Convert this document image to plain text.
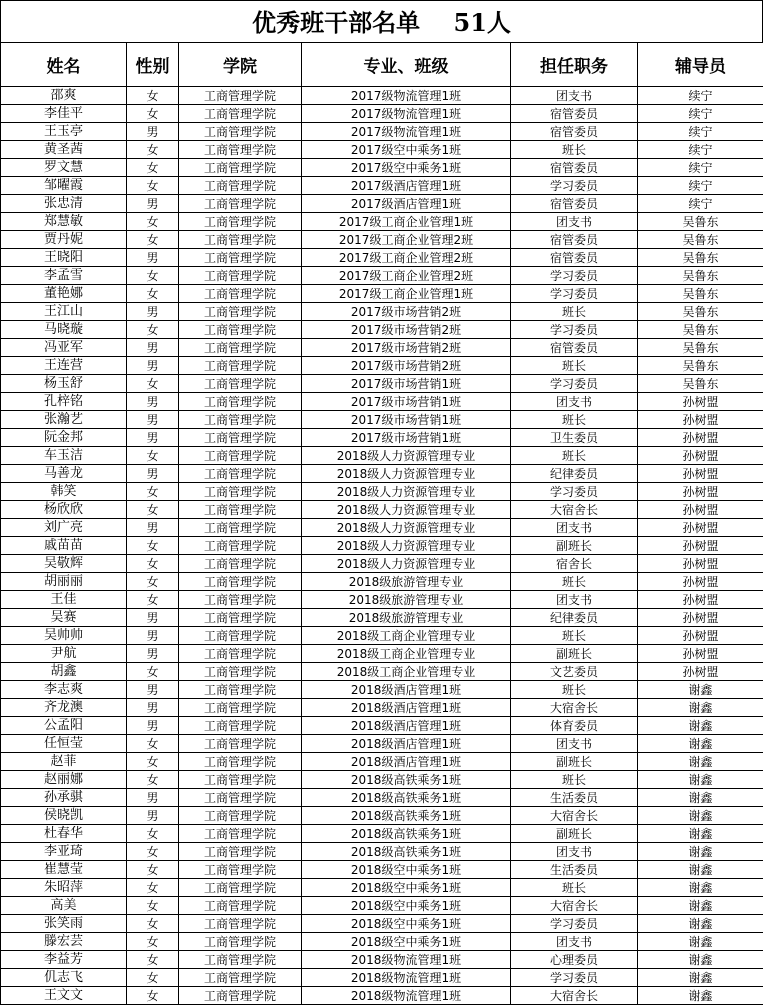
优秀班干部名单    51人
姓名	性别	学院	专业、班级	担任职务	辅导员
邵爽	女	工商管理学院	2017级物流管理1班	团支书	续宁
李佳平	女	工商管理学院	2017级物流管理1班	宿管委员	续宁
王玉亭	男	工商管理学院	2017级物流管理1班	宿管委员	续宁
黄圣茜	女	工商管理学院	2017级空中乘务1班	班长	续宁
罗文慧	女	工商管理学院	2017级空中乘务1班	宿管委员	续宁
邹曜霞	女	工商管理学院	2017级酒店管理1班	学习委员	续宁
张忠清	男	工商管理学院	2017级酒店管理1班	宿管委员	续宁
郑慧敏	女	工商管理学院	2017级工商企业管理1班	团支书	吴鲁东
贾丹妮	女	工商管理学院	2017级工商企业管理2班	宿管委员	吴鲁东
王晓阳	男	工商管理学院	2017级工商企业管理2班	宿管委员	吴鲁东
李孟雪	女	工商管理学院	2017级工商企业管理2班	学习委员	吴鲁东
董艳娜	女	工商管理学院	2017级工商企业管理1班	学习委员	吴鲁东
王江山	男	工商管理学院	2017级市场营销2班	班长	吴鲁东
马晓璇	女	工商管理学院	2017级市场营销2班	学习委员	吴鲁东
冯亚军	男	工商管理学院	2017级市场营销2班	宿管委员	吴鲁东
王连营	男	工商管理学院	2017级市场营销2班	班长	吴鲁东
杨玉舒	女	工商管理学院	2017级市场营销1班	学习委员	吴鲁东
孔梓铭	男	工商管理学院	2017级市场营销1班	团支书	孙树盟
张瀚艺	男	工商管理学院	2017级市场营销1班	班长	孙树盟
阮金邦	男	工商管理学院	2017级市场营销1班	卫生委员	孙树盟
车玉洁	女	工商管理学院	2018级人力资源管理专业	班长	孙树盟
马善龙	男	工商管理学院	2018级人力资源管理专业	纪律委员	孙树盟
韩笑	女	工商管理学院	2018级人力资源管理专业	学习委员	孙树盟
杨欣欣	女	工商管理学院	2018级人力资源管理专业	大宿舍长	孙树盟
刘广亮	男	工商管理学院	2018级人力资源管理专业	团支书	孙树盟
戚苗苗	女	工商管理学院	2018级人力资源管理专业	副班长	孙树盟
吴敬辉	女	工商管理学院	2018级人力资源管理专业	宿舍长	孙树盟
胡丽丽	女	工商管理学院	2018级旅游管理专业	班长	孙树盟
王佳	女	工商管理学院	2018级旅游管理专业	团支书	孙树盟
吴赛	男	工商管理学院	2018级旅游管理专业	纪律委员	孙树盟
吴帅帅	男	工商管理学院	2018级工商企业管理专业	班长	孙树盟
尹航	男	工商管理学院	2018级工商企业管理专业	副班长	孙树盟
胡鑫	女	工商管理学院	2018级工商企业管理专业	文艺委员	孙树盟
李志爽	男	工商管理学院	2018级酒店管理1班	班长	谢鑫
齐龙澳	男	工商管理学院	2018级酒店管理1班	大宿舍长	谢鑫
公孟阳	男	工商管理学院	2018级酒店管理1班	体育委员	谢鑫
任恒莹	女	工商管理学院	2018级酒店管理1班	团支书	谢鑫
赵菲	女	工商管理学院	2018级酒店管理1班	副班长	谢鑫
赵丽娜	女	工商管理学院	2018级高铁乘务1班	班长	谢鑫
孙承骐	男	工商管理学院	2018级高铁乘务1班	生活委员	谢鑫
侯晓凯	男	工商管理学院	2018级高铁乘务1班	大宿舍长	谢鑫
杜春华	女	工商管理学院	2018级高铁乘务1班	副班长	谢鑫
李亚琦	女	工商管理学院	2018级高铁乘务1班	团支书	谢鑫
崔慧莹	女	工商管理学院	2018级空中乘务1班	生活委员	谢鑫
朱昭萍	女	工商管理学院	2018级空中乘务1班	班长	谢鑫
高美	女	工商管理学院	2018级空中乘务1班	大宿舍长	谢鑫
张笑雨	女	工商管理学院	2018级空中乘务1班	学习委员	谢鑫
滕宏芸	女	工商管理学院	2018级空中乘务1班	团支书	谢鑫
李益芳	女	工商管理学院	2018级物流管理1班	心理委员	谢鑫
仉志飞	女	工商管理学院	2018级物流管理1班	学习委员	谢鑫
王文文	女	工商管理学院	2018级物流管理1班	大宿舍长	谢鑫
